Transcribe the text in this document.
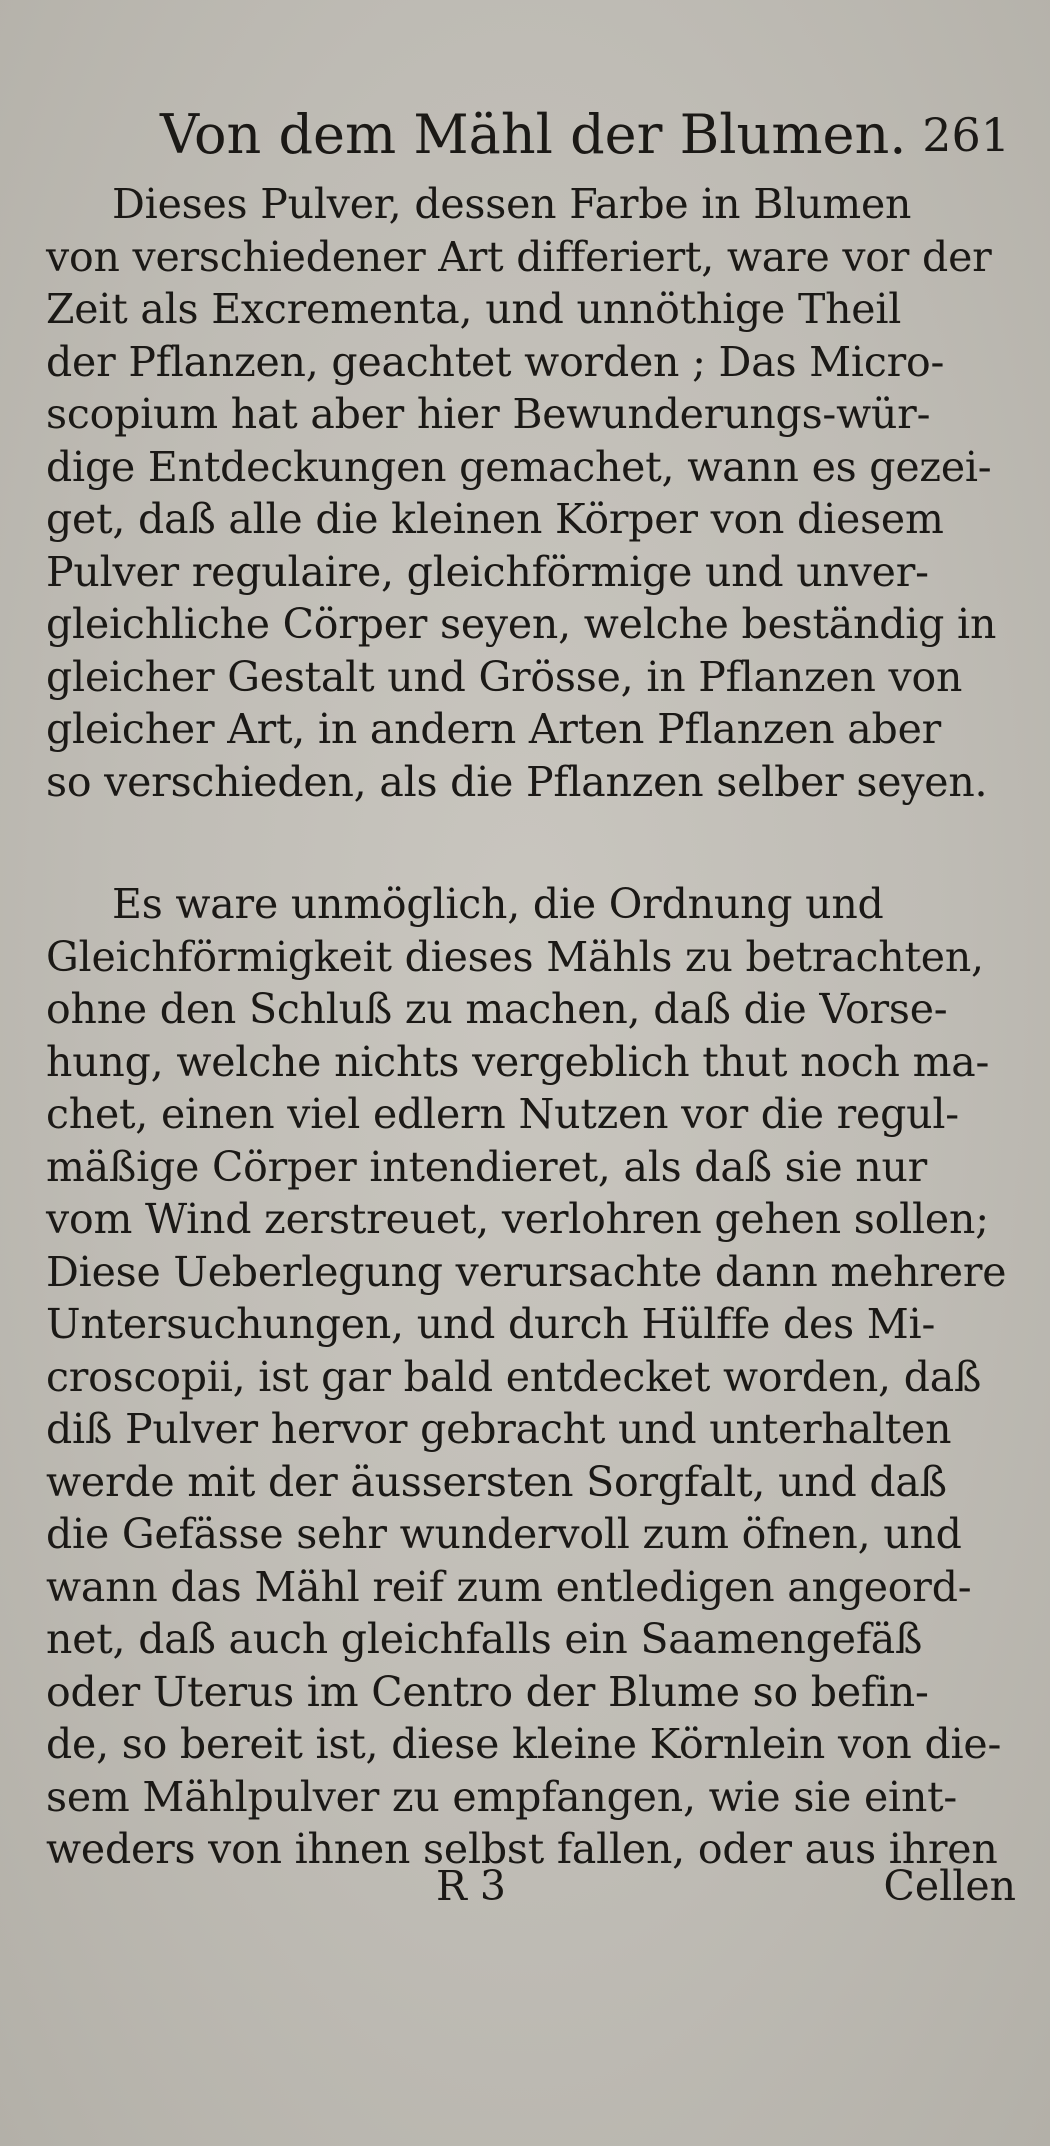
Von dem Mähl der Blumen. 261
Dieses Pulver, dessen Farbe in Blumen
von verschiedener Art differiert, ware vor der
Zeit als Excrementa, und unnöthige Theil
der Pflanzen, geachtet worden ; Das Micro-
scopium hat aber hier Bewunderungs-wür-
dige Entdeckungen gemachet, wann es gezei-
get, daß alle die kleinen Körper von diesem
Pulver regulaire, gleichförmige und unver-
gleichliche Cörper seyen, welche beständig in
gleicher Gestalt und Grösse, in Pflanzen von
gleicher Art, in andern Arten Pflanzen aber
so verschieden, als die Pflanzen selber seyen.
Es ware unmöglich, die Ordnung und
Gleichförmigkeit dieses Mähls zu betrachten,
ohne den Schluß zu machen, daß die Vorse-
hung, welche nichts vergeblich thut noch ma-
chet, einen viel edlern Nutzen vor die regul-
mäßige Cörper intendieret, als daß sie nur
vom Wind zerstreuet, verlohren gehen sollen;
Diese Ueberlegung verursachte dann mehrere
Untersuchungen, und durch Hülffe des Mi-
croscopii, ist gar bald entdecket worden, daß
diß Pulver hervor gebracht und unterhalten
werde mit der äussersten Sorgfalt, und daß
die Gefässe sehr wundervoll zum öfnen, und
wann das Mähl reif zum entledigen angeord-
net, daß auch gleichfalls ein Saamengefäß
oder Uterus im Centro der Blume so befin-
de, so bereit ist, diese kleine Körnlein von die-
sem Mählpulver zu empfangen, wie sie eint-
weders von ihnen selbst fallen, oder aus ihren
R 3	Cellen
